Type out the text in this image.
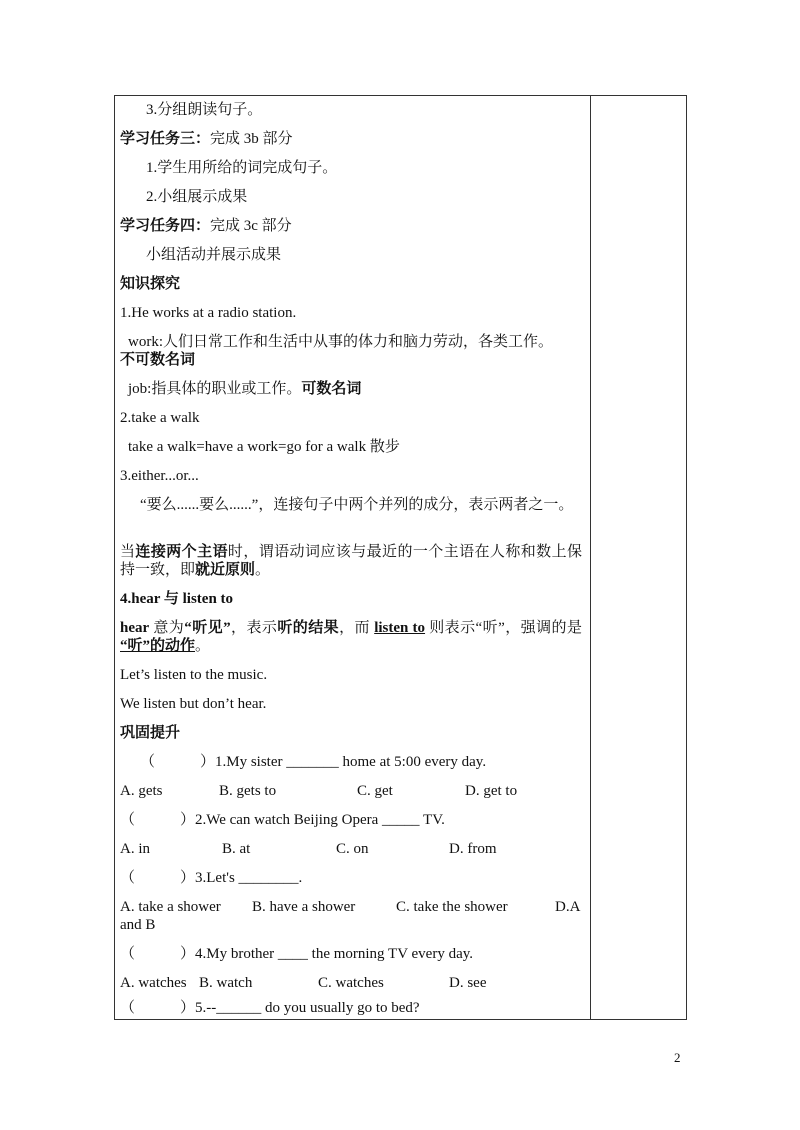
3.分组朗读句子。
学习任务三：完成 3b 部分
1.学生用所给的词完成句子。
2.小组展示成果
学习任务四：完成 3c 部分
小组活动并展示成果
知识探究
1.He works at a radio station.
work:人们日常工作和生活中从事的体力和脑力劳动，各类工作。
不可数名词
job:指具体的职业或工作。可数名词
2.take a walk
take a walk=have a work=go for a walk 散步
3.either...or...
“要么......要么......”，连接句子中两个并列的成分，表示两者之一。
当连接两个主语时，谓语动词应该与最近的一个主语在人称和数上保持一致，即就近原则。
4.hear 与 listen to
hear 意为“听见”，表示听的结果，而 listen to 则表示“听”，强调的是 “听”的动作。
Let’s listen to the music.
We listen but don’t hear.
巩固提升
（　　　）1.My sister _______ home at 5:00 every day.
A. gets	B. gets to	C. get	D. get to
（　　　）2.We can watch Beijing Opera _____ TV.
A. in	B. at	C. on	D. from
（　　　）3.Let's ________.
A. take a shower B. have a shower	C. take the shower	D.A
and B
（　　　）4.My brother ____ the morning TV every day.
A. watches B. watch	C. watches	D. see
（　　　）5.--______ do you usually go to bed?
2
